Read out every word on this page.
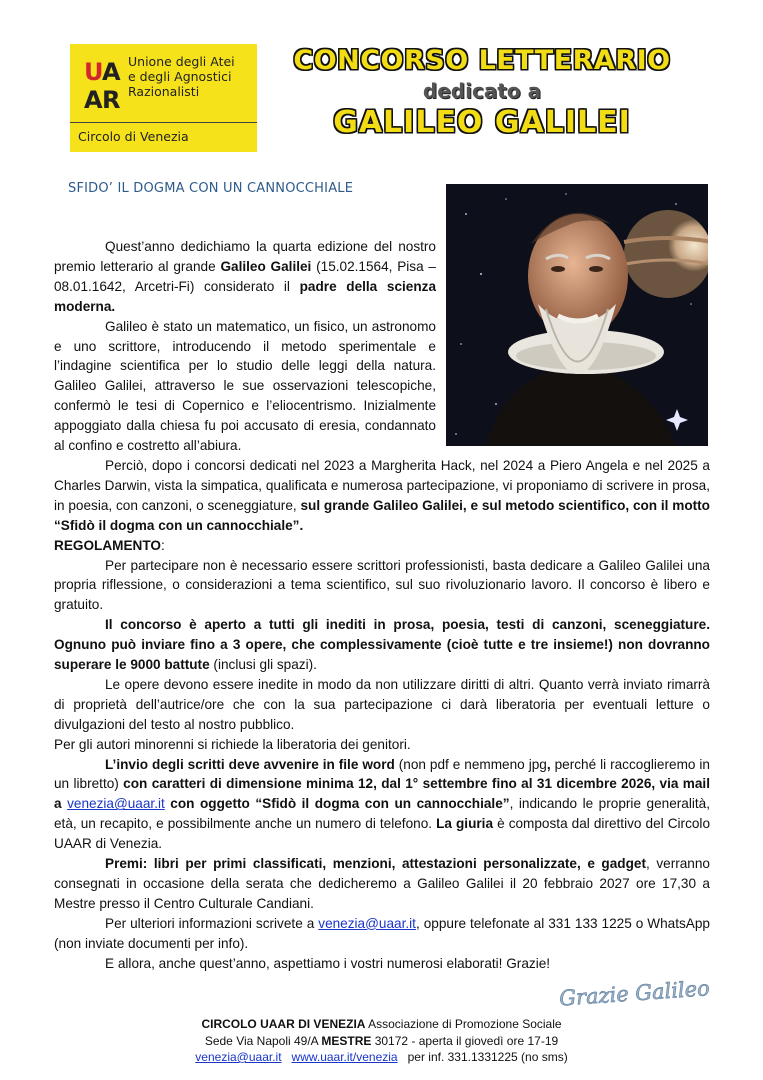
U
A
A R
Unione degli Atei
e degli Agnostici
Razionalisti
Circolo di Venezia
CONCORSO LETTERARIO
dedicato a
GALILEO GALILEI
SFIDO’ IL DOGMA CON UN CANNOCCHIALE

Quest’anno dedichiamo la quarta edizione del nostro premio letterario al grande Galileo Galilei (15.02.1564, Pisa – 08.01.1642, Arcetri-Fi) considerato il padre della scienza moderna.

Galileo è stato un matematico, un fisico, un astronomo e uno scrittore, introducendo il metodo sperimentale e l’indagine scientifica per lo studio delle leggi della natura. Galileo Galilei, attraverso le sue osservazioni telescopiche, confermò le tesi di Copernico e l’eliocentrismo. Inizialmente appoggiato dalla chiesa fu poi accusato di eresia, condannato al confino e costretto all’abiura.

Perciò, dopo i concorsi dedicati nel 2023 a Margherita Hack, nel 2024 a Piero Angela e nel 2025 a Charles Darwin, vista la simpatica, qualificata e numerosa partecipazione, vi proponiamo di scrivere in prosa, in poesia, con canzoni, o sceneggiature, sul grande Galileo Galilei, e sul metodo scientifico, con il motto “Sfidò il dogma con un cannocchiale”.

REGOLAMENTO:

Per partecipare non è necessario essere scrittori professionisti, basta dedicare a Galileo Galilei una propria riflessione, o considerazioni a tema scientifico, sul suo rivoluzionario lavoro. Il concorso è libero e gratuito.

Il concorso è aperto a tutti gli inediti in prosa, poesia, testi di canzoni, sceneggiature. Ognuno può inviare fino a 3 opere, che complessivamente (cioè tutte e tre insieme!) non dovranno superare le 9000 battute (inclusi gli spazi).

Le opere devono essere inedite in modo da non utilizzare diritti di altri. Quanto verrà inviato rimarrà di proprietà dell’autrice/ore che con la sua partecipazione ci darà liberatoria per eventuali letture o divulgazioni del testo al nostro pubblico.

Per gli autori minorenni si richiede la liberatoria dei genitori.

L’invio degli scritti deve avvenire in file word (non pdf e nemmeno jpg, perché li raccoglieremo in un libretto) con caratteri di dimensione minima 12, dal 1° settembre fino al 31 dicembre 2026, via mail a venezia@uaar.it con oggetto “Sfidò il dogma con un cannocchiale”, indicando le proprie generalità, età, un recapito, e possibilmente anche un numero di telefono. La giuria è composta dal direttivo del Circolo UAAR di Venezia.

Premi: libri per primi classificati, menzioni, attestazioni personalizzate, e gadget, verranno consegnati in occasione della serata che dedicheremo a Galileo Galilei il 20 febbraio 2027 ore 17,30 a Mestre presso il Centro Culturale Candiani.

Per ulteriori informazioni scrivete a venezia@uaar.it, oppure telefonate al 331 133 1225 o WhatsApp (non inviate documenti per info).

E allora, anche quest’anno, aspettiamo i vostri numerosi elaborati! Grazie!

Grazie Galileo
CIRCOLO UAAR DI VENEZIA Associazione di Promozione Sociale
Sede Via Napoli 49/A MESTRE 30172 - aperta il giovedì ore 17-19
venezia@uaar.it www.uaar.it/venezia per inf. 331.1331225 (no sms)
